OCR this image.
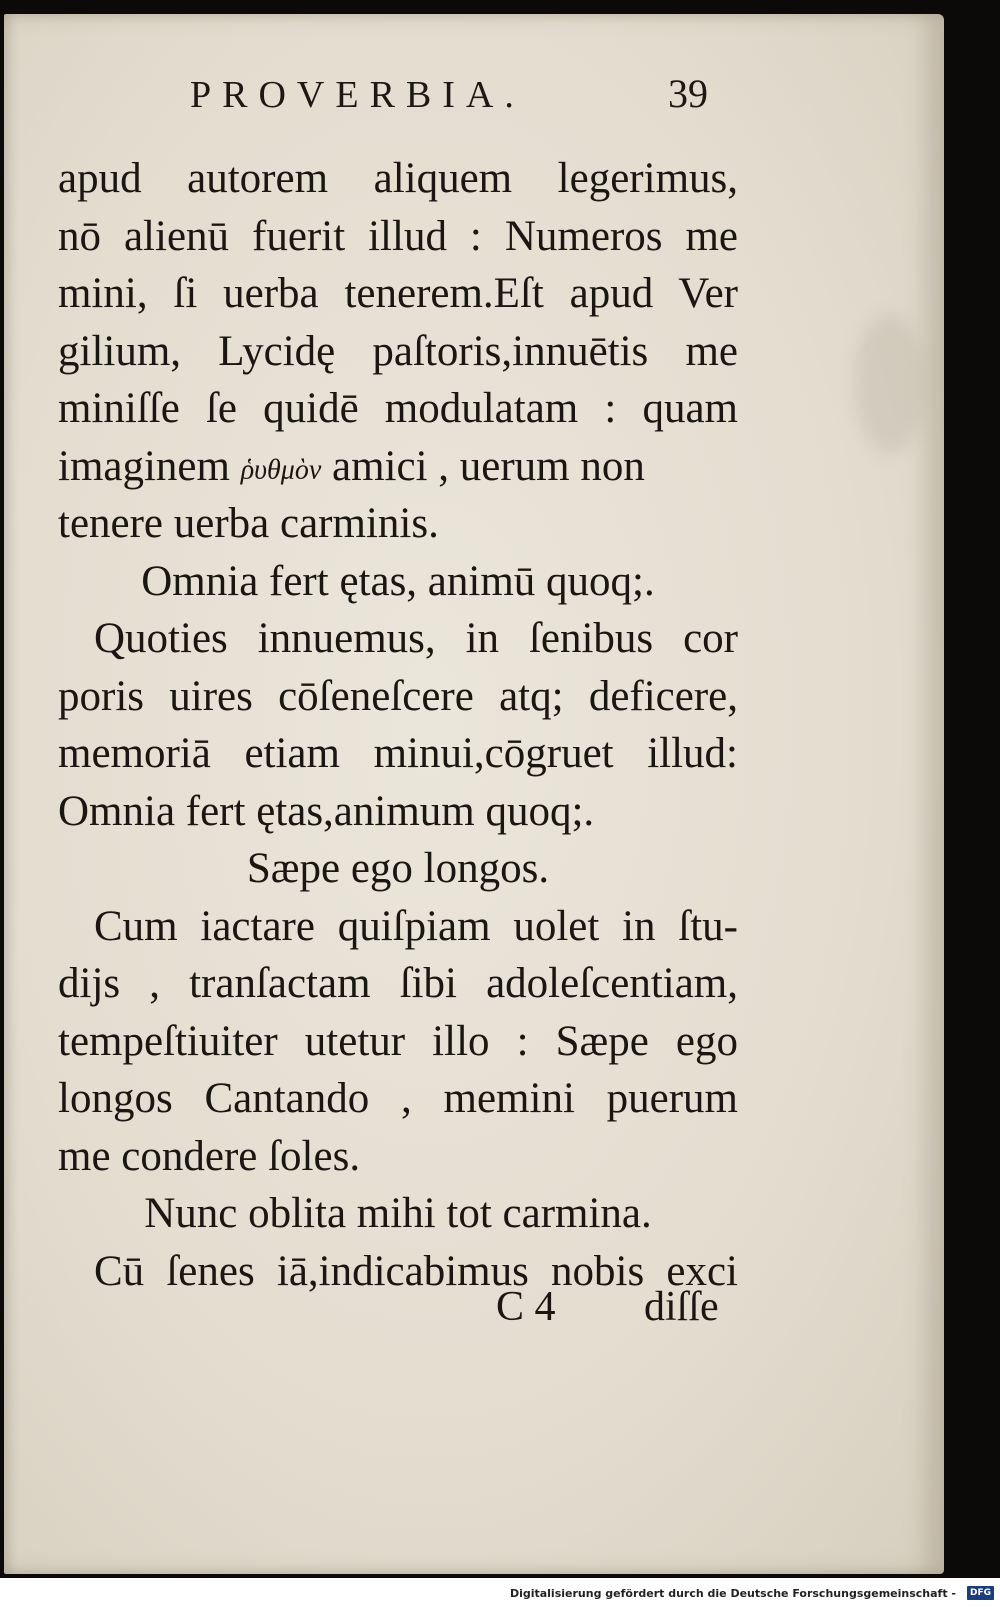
PROVERBIA.	39
apud autorem aliquem legerimus,
nō alienū fuerit illud : Numeros me
mini, ſi uerba tenerem.Eſt apud Ver
gilium, Lycidę paſtoris,innuētis me
miniſſe ſe quidē modulatam : quam
imaginem ῥυθμὸν amici , uerum non
tenere uerba carminis.
Omnia fert ętas, animū quoq;.
Quoties innuemus, in ſenibus cor
poris uires cōſeneſcere atq; deficere,
memoriā etiam minui,cōgruet illud:
Omnia fert ętas,animum quoq;.
Sæpe ego longos.
Cum iactare quiſpiam uolet in ſtu-
dijs , tranſactam ſibi adoleſcentiam,
tempeſtiuiter utetur illo : Sæpe ego
longos Cantando , memini puerum
me condere ſoles.
Nunc oblita mihi tot carmina.
Cū ſenes iā,indicabimus nobis exci
C 4 diſſe
Digitalisierung gefördert durch die Deutsche Forschungsgemeinschaft -	DFG
